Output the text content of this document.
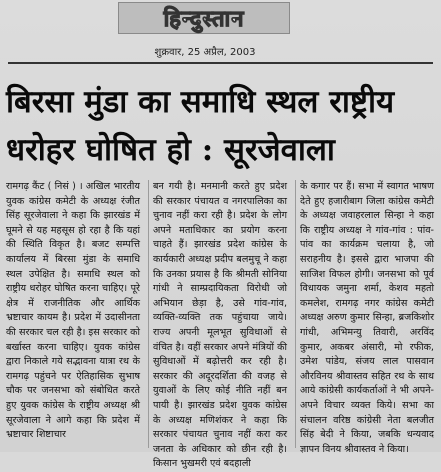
हिन्दुस्तान
शुक्रवार, 25 अप्रैल, 2003
बिरसा मुंडा का समाधि स्थल राष्ट्रीय
धरोहर घोषित हो : सूरजेवाला

रामगढ़ कैंट ( निसं ) । अखिल भारतीय युवक कांग्रेस कमेटी के अध्यक्ष रंजीत सिंह सूरजेवाला ने कहा कि झारखंड में घूमने से यह महसूस हो रहा है कि यहां की स्थिति विकृत है। बजट सम्पत्ति कार्यालय में बिरसा मुंडा के समाधि स्थल उपेक्षित है। समाधि स्थल को राष्ट्रीय धरोहर घोषित करना चाहिए। पूरे क्षेत्र में राजनीतिक और आर्थिक भ्रष्टाचार कायम है। प्रदेश में उदासीनता की सरकार चल रही है। इस सरकार को बर्खास्त करना चाहिए। युवक कांग्रेस द्वारा निकाले गये सद्भावना यात्रा रथ के रामगढ़ पहुंचने पर ऐतिहासिक सुभाष चौक पर जनसभा को संबोधित करते हुए युवक कांग्रेस के राष्ट्रीय अध्यक्ष श्री सूरजेवाला ने आगे कहा कि प्रदेश में भ्रष्टाचार शिष्टाचार

बन गयी है। मनमानी करते हुए प्रदेश की सरकार पंचायत व नगरपालिका का चुनाव नहीं करा रही है। प्रदेश के लोग अपने मताधिकार का प्रयोग करना चाहते हैं। झारखंड प्रदेश कांग्रेस के कार्यकारी अध्यक्ष प्रदीप बलमुचू ने कहा कि उनका प्रयास है कि श्रीमती सोनिया गांधी ने साम्प्रदायिकता विरोधी जो अभियान छेड़ा है, उसे गांव-गांव, व्यक्ति-व्यक्ति तक पहुंचाया जाये। राज्य अपनी मूलभूत सुविधाओं से वंचित है। वहीं सरकार अपने मंत्रियों की सुविधाओं में बढ़ोत्तरी कर रही है। सरकार की अदूरदर्शिता की वजह से युवाओं के लिए कोई नीति नहीं बन पायी है। झारखंड प्रदेश युवक कांग्रेस के अध्यक्ष मणिशंकर ने कहा कि सरकार पंचायत चुनाव नहीं करा कर जनता के अधिकार को छीन रही है। किसान भुखमरी एवं बदहाली

के कगार पर हैं। सभा में स्वागत भाषण देते हुए हजारीबाग जिला कांग्रेस कमेटी के अध्यक्ष जवाहरलाल सिन्हा ने कहा कि राष्ट्रीय अध्यक्ष ने गांव-गांव : पांव-पांव का कार्यक्रम चलाया है, जो सराहनीय है। इससे द्वारा भाजपा की साजिश विफल होगी। जनसभा को पूर्व विधायक जमुना शर्मा, केशव महतो कमलेश, रामगढ़ नगर कांग्रेस कमेटी अध्यक्ष अरुण कुमार सिन्हा, ब्रजकिशोर गांधी, अभिमन्यु तिवारी, अरविंद कुमार, अकबर अंसारी, मो रफीक, उमेश पांडेय, संजय लाल पासवान औरविनय श्रीवास्तव सहित रथ के साथ आये कांग्रेसी कार्यकर्ताओं ने भी अपने-अपने विचार व्यक्त किये। सभा का संचालन वरिष्ठ कांग्रेसी नेता बलजीत सिंह बेदी ने किया, जबकि धन्यवाद ज्ञापन विनय श्रीवास्तव ने किया।
